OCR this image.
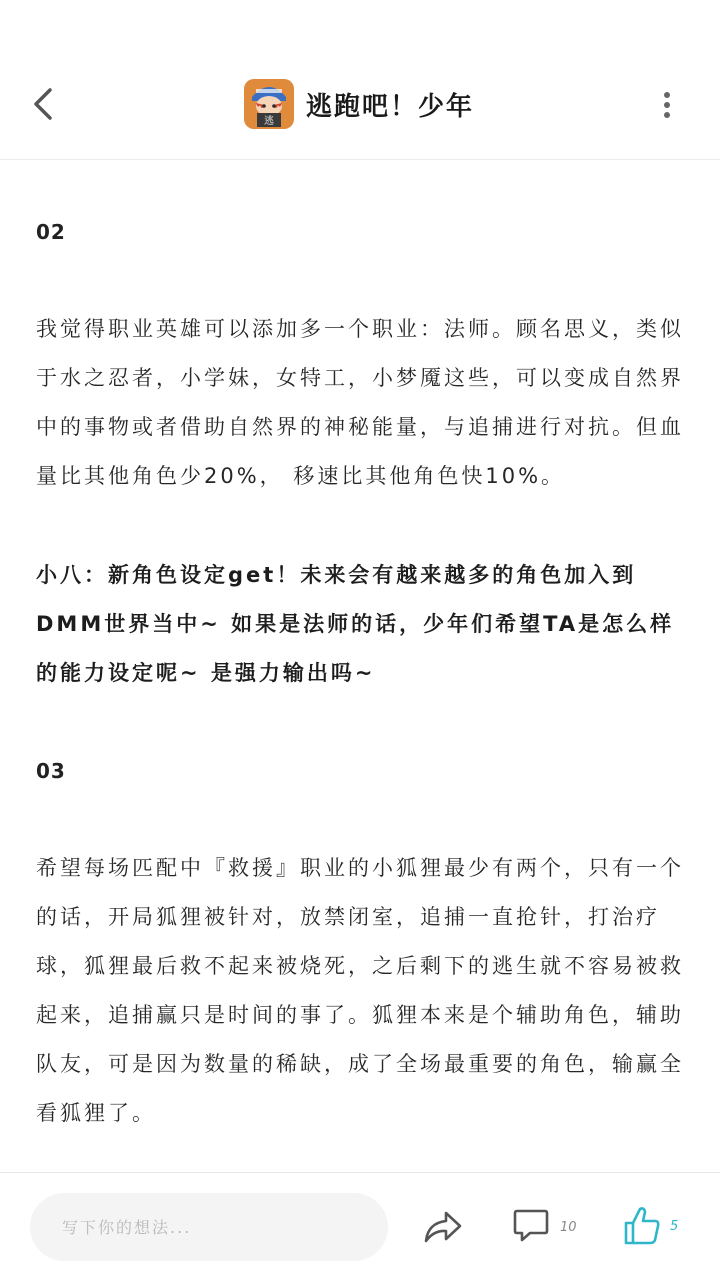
逃 逃跑吧！少年
02
我觉得职业英雄可以添加多一个职业：法师。顾名思义，类似于水之忍者，小学妹，女特工，小梦魇这些，可以变成自然界中的事物或者借助自然界的神秘能量，与追捕进行对抗。但血量比其他角色少20%， 移速比其他角色快10%。
小八：新角色设定get！未来会有越来越多的角色加入到DMM世界当中~ 如果是法师的话，少年们希望TA是怎么样的能力设定呢~ 是强力输出吗~
03
希望每场匹配中『救援』职业的小狐狸最少有两个，只有一个的话，开局狐狸被针对，放禁闭室，追捕一直抢针，打治疗球，狐狸最后救不起来被烧死，之后剩下的逃生就不容易被救起来，追捕赢只是时间的事了。狐狸本来是个辅助角色，辅助队友，可是因为数量的稀缺，成了全场最重要的角色，输赢全看狐狸了。
写下你的想法...
10	5
